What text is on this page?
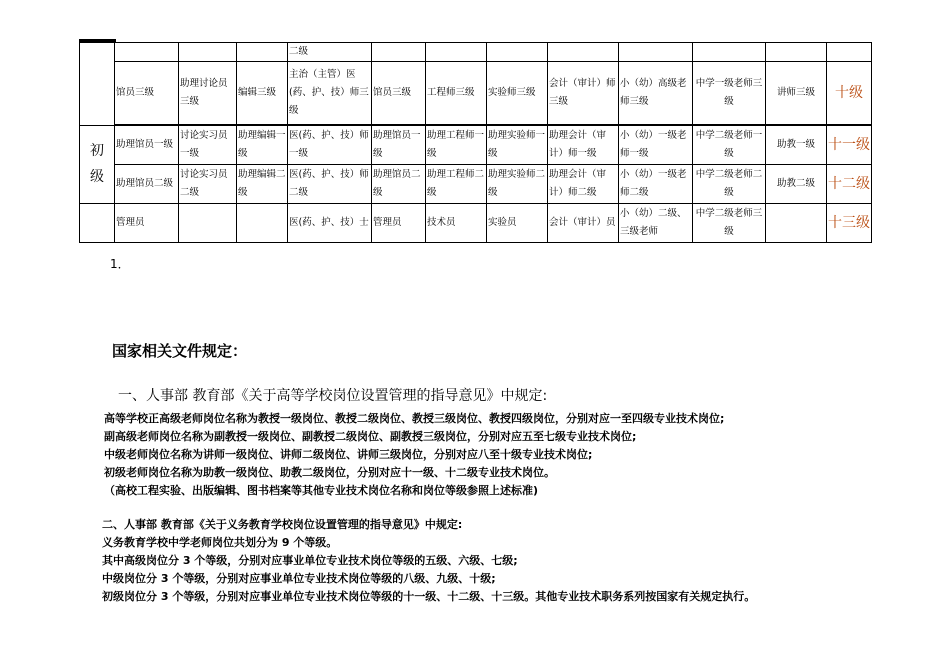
				二级								
	馆员三级	助理讨论员三级	编辑三级	主治（主管）医(药、护、技）师三级	馆员三级	工程师三级	实验师三级	会计（审计）师三级	小（幼）高级老师三级	中学一级老师三级	讲师三级	十级

初
级	助理馆员一级	讨论实习员一级	助理编辑一级	医(药、护、技）师一级	助理馆员一级	助理工程师一级	助理实验师一级	助理会计（审计）师一级	小（幼）一级老师一级	中学二级老师一级	助教一级	十一级
	助理馆员二级	讨论实习员二级	助理编辑二级	医(药、护、技）师二级	助理馆员二级	助理工程师二级	助理实验师二级	助理会计（审计）师二级	小（幼）一级老师二级	中学二级老师二级	助教二级	十二级
	管理员			医(药、护、技）士	管理员	技术员	实验员	会计（审计）员	小（幼）二级、三级老师	中学二级老师三级		十三级
1．
国家相关文件规定：
一、人事部 教育部《关于高等学校岗位设置管理的指导意见》中规定:
高等学校正高级老师岗位名称为教授一级岗位、教授二级岗位、教授三级岗位、教授四级岗位，分别对应一至四级专业技术岗位;
副高级老师岗位名称为副教授一级岗位、副教授二级岗位、副教授三级岗位，分别对应五至七级专业技术岗位;
中级老师岗位名称为讲师一级岗位、讲师二级岗位、讲师三级岗位，分别对应八至十级专业技术岗位;
初级老师岗位名称为助教一级岗位、助教二级岗位，分别对应十一级、十二级专业技术岗位。
（高校工程实验、出版编辑、图书档案等其他专业技术岗位名称和岗位等级参照上述标准)
二、人事部 教育部《关于义务教育学校岗位设置管理的指导意见》中规定:
义务教育学校中学老师岗位共划分为 9 个等级。
其中高级岗位分 3 个等级，分别对应事业单位专业技术岗位等级的五级、六级、七级;
中级岗位分 3 个等级，分别对应事业单位专业技术岗位等级的八级、九级、十级;
初级岗位分 3 个等级，分别对应事业单位专业技术岗位等级的十一级、十二级、十三级。其他专业技术职务系列按国家有关规定执行。
